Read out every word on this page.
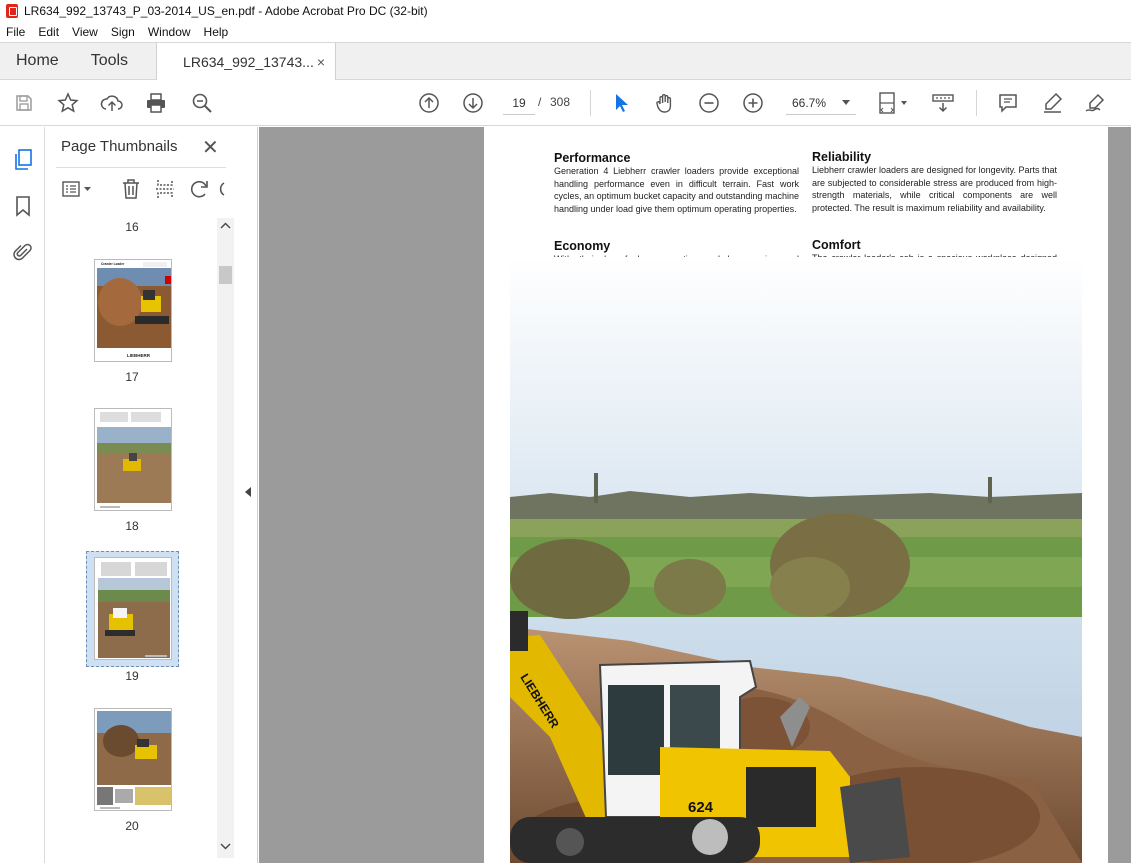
LR634_992_13743_P_03-2014_US_en.pdf - Adobe Acrobat Pro DC (32-bit)
File Edit View Sign Window Help
Home	Tools	LR634_992_13743... ×
19
/ 308	66.7%
Page Thumbnails ✕
16
Crawler Loader
LIEBHERR
17
18
19
20
Performance

Generation 4 Liebherr crawler loaders provide exceptional handling performance even in difficult terrain. Fast work cycles, an optimum bucket capacity and outstanding machine handling under load give them optimum operating properties.

Reliability

Liebherr crawler loaders are designed for longevity. Parts that are subjected to considerable stress are produced from high-strength materials, while critical components are well protected. The result is maximum reliability and availability.

Economy	Comfort

624
LIEBHERR
